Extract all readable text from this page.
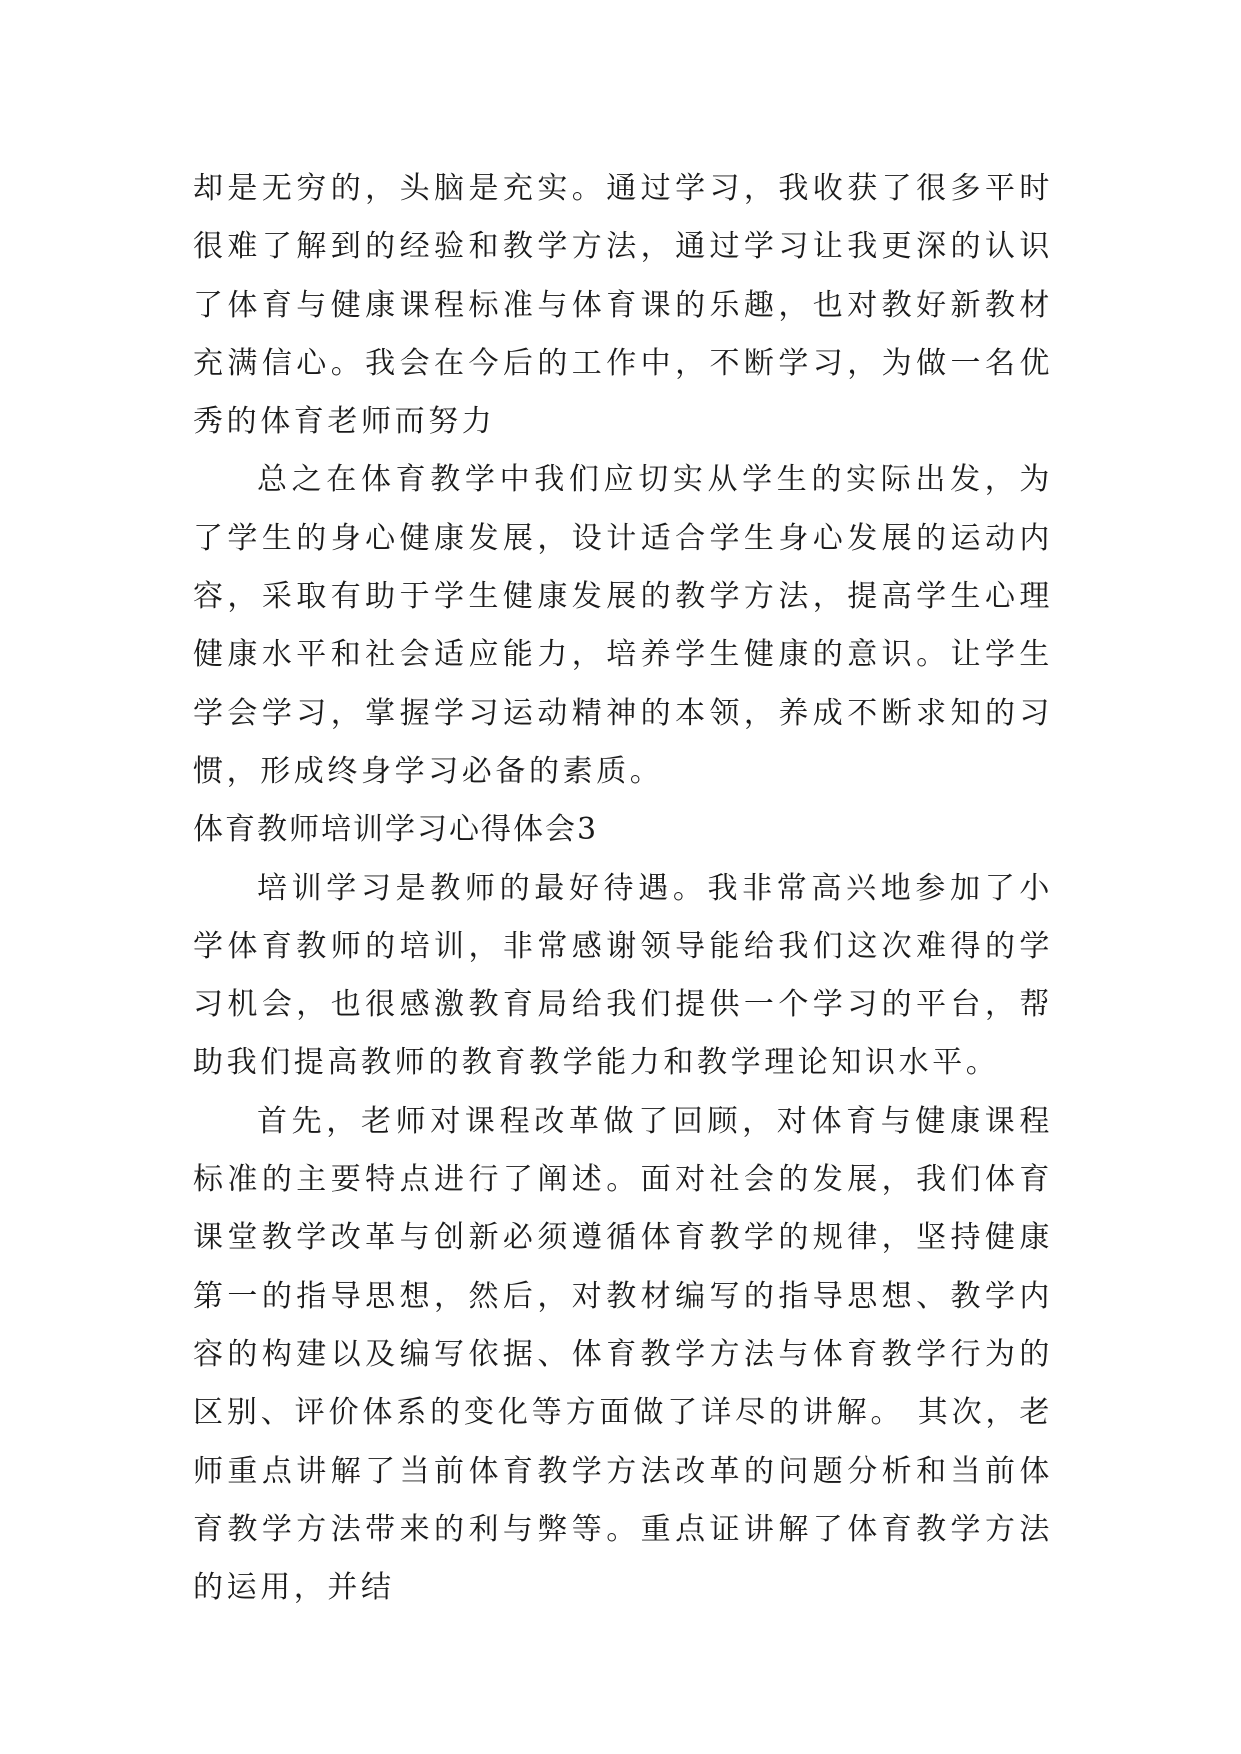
却是无穷的，头脑是充实。通过学习，我收获了很多平时很难了解到的经验和教学方法，通过学习让我更深的认识了体育与健康课程标准与体育课的乐趣，也对教好新教材充满信心。我会在今后的工作中，不断学习，为做一名优秀的体育老师而努力

总之在体育教学中我们应切实从学生的实际出发，为了学生的身心健康发展，设计适合学生身心发展的运动内容，采取有助于学生健康发展的教学方法，提高学生心理健康水平和社会适应能力，培养学生健康的意识。让学生学会学习，掌握学习运动精神的本领，养成不断求知的习惯，形成终身学习必备的素质。

体育教师培训学习心得体会3

培训学习是教师的最好待遇。我非常高兴地参加了小学体育教师的培训，非常感谢领导能给我们这次难得的学习机会，也很感激教育局给我们提供一个学习的平台，帮助我们提高教师的教育教学能力和教学理论知识水平。

首先，老师对课程改革做了回顾，对体育与健康课程标准的主要特点进行了阐述。面对社会的发展，我们体育课堂教学改革与创新必须遵循体育教学的规律，坚持健康第一的指导思想，然后，对教材编写的指导思想、教学内容的构建以及编写依据、体育教学方法与体育教学行为的区别、评价体系的变化等方面做了详尽的讲解。 其次，老师重点讲解了当前体育教学方法改革的问题分析和当前体育教学方法带来的利与弊等。重点证讲解了体育教学方法的运用，并结
